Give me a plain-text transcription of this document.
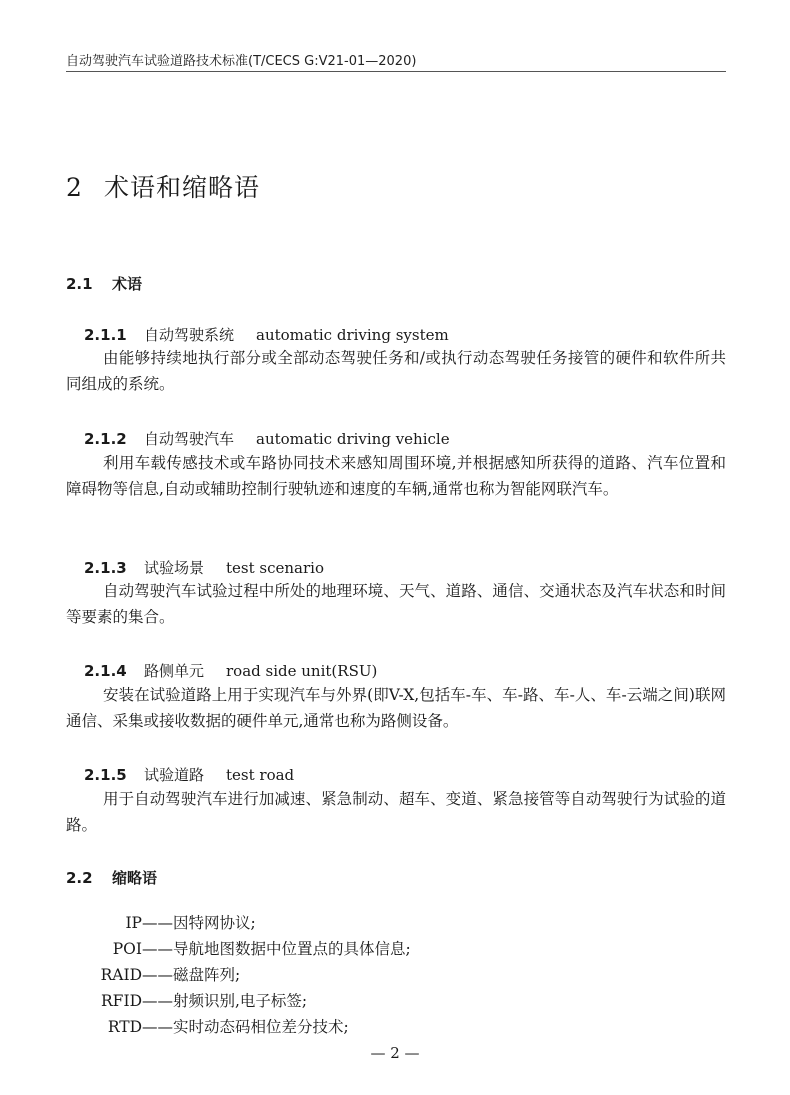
自动驾驶汽车试验道路技术标准(T/CECS G:V21-01—2020)
2 术语和缩略语
2.1 术语
2.1.1 自动驾驶系统 automatic driving system
由能够持续地执行部分或全部动态驾驶任务和/或执行动态驾驶任务接管的硬件和软件所共同组成的系统。
2.1.2 自动驾驶汽车 automatic driving vehicle
利用车载传感技术或车路协同技术来感知周围环境,并根据感知所获得的道路、汽车位置和障碍物等信息,自动或辅助控制行驶轨迹和速度的车辆,通常也称为智能网联汽车。
2.1.3 试验场景 test scenario
自动驾驶汽车试验过程中所处的地理环境、天气、道路、通信、交通状态及汽车状态和时间等要素的集合。
2.1.4 路侧单元 road side unit(RSU)
安装在试验道路上用于实现汽车与外界(即V-X,包括车-车、车-路、车-人、车-云端之间)联网通信、采集或接收数据的硬件单元,通常也称为路侧设备。
2.1.5 试验道路 test road
用于自动驾驶汽车进行加减速、紧急制动、超车、变道、紧急接管等自动驾驶行为试验的道路。
2.2 缩略语
IP ——因特网协议;
POI ——导航地图数据中位置点的具体信息;
RAID ——磁盘阵列;
RFID ——射频识别,电子标签;
RTD ——实时动态码相位差分技术;
— 2 —
